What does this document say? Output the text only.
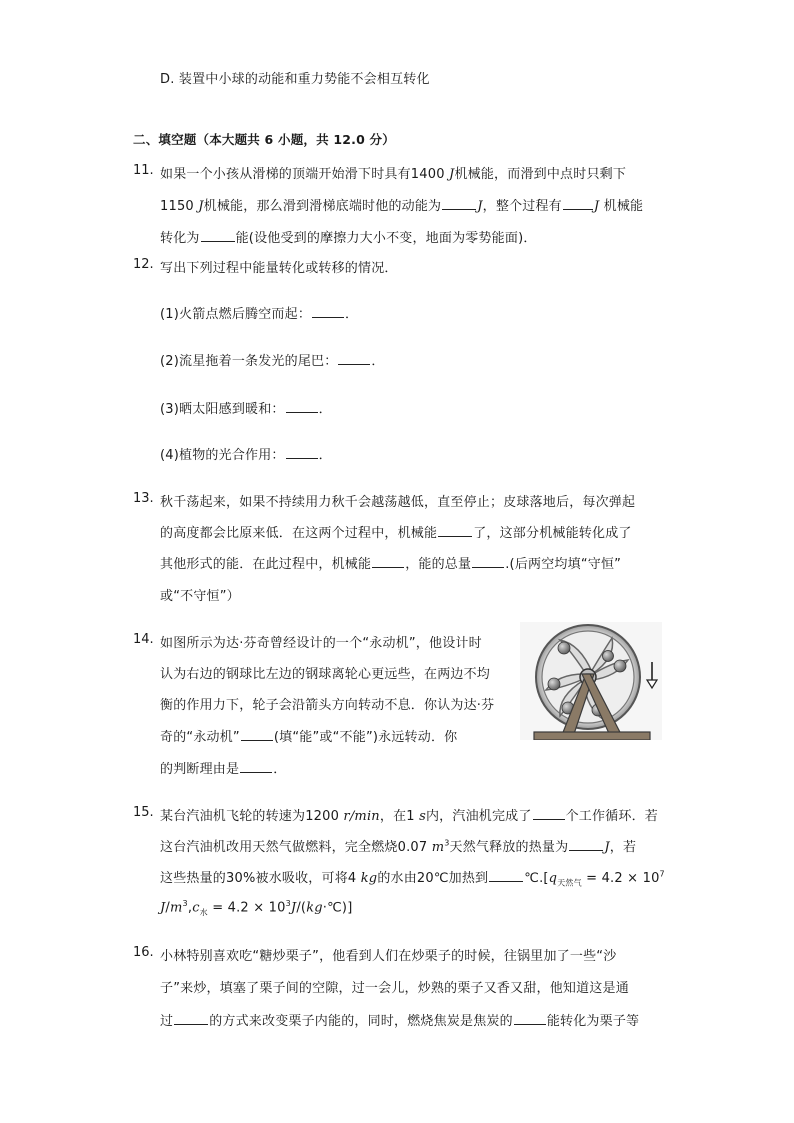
D. 装置中小球的动能和重力势能不会相互转化
二、填空题（本大题共 6 小题，共 12.0 分）
11. 如果一个小孩从滑梯的顶端开始滑下时具有1400 J机械能，而滑到中点时只剩下
1150 J机械能，那么滑到滑梯底端时他的动能为	J，整个过程有 J 机械能
转化为	能(设他受到的摩擦力大小不变，地面为零势能面)．
12. 写出下列过程中能量转化或转移的情况．
(1)火箭点燃后腾空而起：	．
(2)流星拖着一条发光的尾巴：	．
(3)晒太阳感到暖和：	．
(4)植物的光合作用：	．
13. 秋千荡起来，如果不持续用力秋千会越荡越低，直至停止；皮球落地后，每次弹起
的高度都会比原来低．在这两个过程中，机械能	了，这部分机械能转化成了
其他形式的能．在此过程中，机械能	，能的总量	.(后两空均填“守恒”
或“不守恒”）
14. 如图所示为达·芬奇曾经设计的一个“永动机”，他设计时
认为右边的钢球比左边的钢球离轮心更远些，在两边不均
衡的作用力下，轮子会沿箭头方向转动不息．你认为达·芬
奇的“永动机”	(填“能”或“不能”)永远转动．你
的判断理由是	．
15. 某台汽油机飞轮的转速为1200 r/min，在1 s内，汽油机完成了	个工作循环．若
这台汽油机改用天然气做燃料，完全燃烧0.07 $m^3$天然气释放的热量为	J，若
这些热量的30%被水吸收，可将4 kg的水由20℃加热到	$℃.[q_{天然气} = 4.2 \times 10^7$
$J/m^3,c_水 = 4.2$ × $10^3J/(kg\cdot℃)$]
16. 小林特别喜欢吃“糖炒栗子”，他看到人们在炒栗子的时候，往锅里加了一些“沙
子”来炒，填塞了栗子间的空隙，过一会儿，炒熟的栗子又香又甜，他知道这是通
过	的方式来改变栗子内能的，同时，燃烧焦炭是焦炭的	能转化为栗子等
